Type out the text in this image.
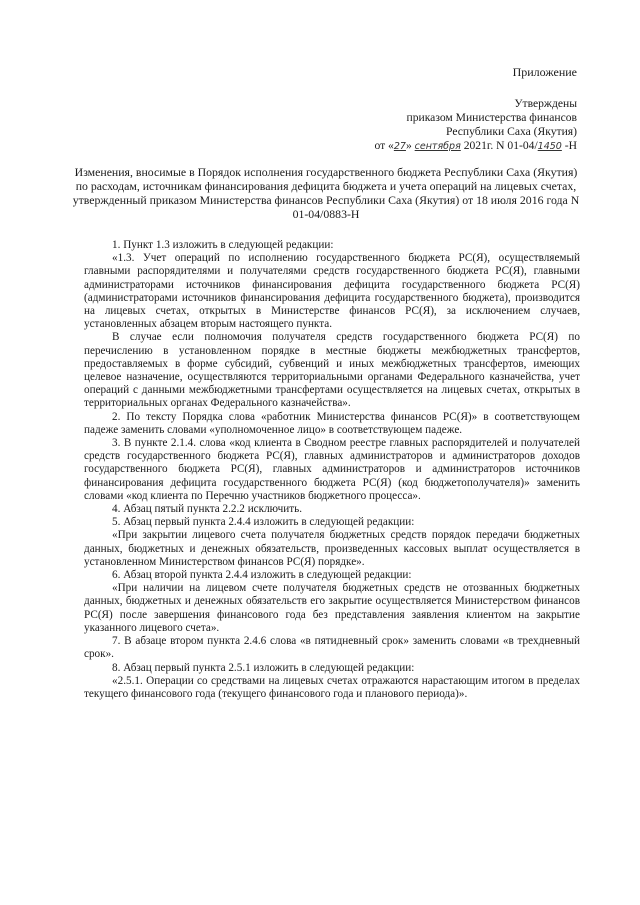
Приложение
Утверждены
приказом Министерства финансов
Республики Саха (Якутия)
от «27» сентября 2021г. N 01-04/1450 -Н
Изменения, вносимые в Порядок исполнения государственного бюджета Республики Саха (Якутия) по расходам, источникам финансирования дефицита бюджета и учета операций на лицевых счетах, утвержденный приказом Министерства финансов Республики Саха (Якутия) от 18 июля 2016 года N 01-04/0883-Н

1. Пункт 1.3 изложить в следующей редакции:

«1.3. Учет операций по исполнению государственного бюджета РС(Я), осуществляемый главными распорядителями и получателями средств государственного бюджета РС(Я), главными администраторами источников финансирования дефицита государственного бюджета РС(Я) (администраторами источников финансирования дефицита государственного бюджета), производится на лицевых счетах, открытых в Министерстве финансов РС(Я), за исключением случаев, установленных абзацем вторым настоящего пункта.

В случае если полномочия получателя средств государственного бюджета РС(Я) по перечислению в установленном порядке в местные бюджеты межбюджетных трансфертов, предоставляемых в форме субсидий, субвенций и иных межбюджетных трансфертов, имеющих целевое назначение, осуществляются территориальными органами Федерального казначейства, учет операций с данными межбюджетными трансфертами осуществляется на лицевых счетах, открытых в территориальных органах Федерального казначейства».

2. По тексту Порядка слова «работник Министерства финансов РС(Я)» в соответствующем падеже заменить словами «уполномоченное лицо» в соответствующем падеже.

3. В пункте 2.1.4. слова «код клиента в Сводном реестре главных распорядителей и получателей средств государственного бюджета РС(Я), главных администраторов и администраторов доходов государственного бюджета РС(Я), главных администраторов и администраторов источников финансирования дефицита государственного бюджета РС(Я) (код бюджетополучателя)» заменить словами «код клиента по Перечню участников бюджетного процесса».

4. Абзац пятый пункта 2.2.2 исключить.

5. Абзац первый пункта 2.4.4 изложить в следующей редакции:

«При закрытии лицевого счета получателя бюджетных средств порядок передачи бюджетных данных, бюджетных и денежных обязательств, произведенных кассовых выплат осуществляется в установленном Министерством финансов РС(Я) порядке».

6. Абзац второй пункта 2.4.4 изложить в следующей редакции:

«При наличии на лицевом счете получателя бюджетных средств не отозванных бюджетных данных, бюджетных и денежных обязательств его закрытие осуществляется Министерством финансов РС(Я) после завершения финансового года без представления заявления клиентом на закрытие указанного лицевого счета».

7. В абзаце втором пункта 2.4.6 слова «в пятидневный срок» заменить словами «в трехдневный срок».

8. Абзац первый пункта 2.5.1 изложить в следующей редакции:

«2.5.1. Операции со средствами на лицевых счетах отражаются нарастающим итогом в пределах текущего финансового года (текущего финансового года и планового периода)».
